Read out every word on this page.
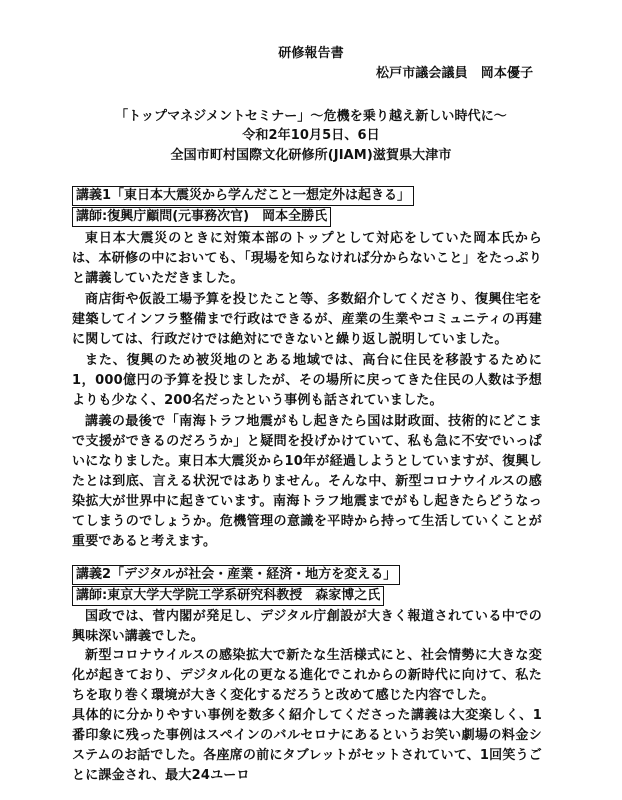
研修報告書
松戸市議会議員　岡本優子
「トップマネジメントセミナー」～危機を乗り越え新しい時代に～
令和2年10月5日、6日
全国市町村国際文化研修所(JIAM)滋賀県大津市
講義1「東日本大震災から学んだこと一想定外は起きる」
講師:復興庁顧問(元事務次官)　岡本全勝氏
東日本大震災のときに対策本部のトップとして対応をしていた岡本氏からは、本研修の中においても、「現場を知らなければ分からないこと」をたっぷりと講義していただきました。
商店街や仮設工場予算を投じたこと等、多数紹介してくださり、復興住宅を建築してインフラ整備まで行政はできるが、産業の生業やコミュニティの再建に関しては、行政だけでは絶対にできないと繰り返し説明していました。
また、復興のため被災地のとある地域では、高台に住民を移設するために1，000億円の予算を投じましたが、その場所に戻ってきた住民の人数は予想よりも少なく、200名だったという事例も話されていました。
講義の最後で「南海トラフ地震がもし起きたら国は財政面、技術的にどこまで支援ができるのだろうか」と疑問を投げかけていて、私も急に不安でいっぱいになりました。東日本大震災から10年が経過しようとしていますが、復興したとは到底、言える状況ではありません。そんな中、新型コロナウイルスの感染拡大が世界中に起きています。南海トラフ地震までがもし起きたらどうなってしまうのでしょうか。危機管理の意識を平時から持って生活していくことが重要であると考えます。
講義2「デジタルが社会・産業・経済・地方を変える」
講師:東京大学大学院工学系研究科教授　森家博之氏
国政では、菅内閣が発足し、デジタル庁創設が大きく報道されている中での興味深い講義でした。
新型コロナウイルスの感染拡大で新たな生活様式にと、社会情勢に大きな変化が起きており、デジタル化の更なる進化でこれからの新時代に向けて、私たちを取り巻く環境が大きく変化するだろうと改めて感じた内容でした。
具体的に分かりやすい事例を数多く紹介してくださった講義は大変楽しく、1番印象に残った事例はスペインのバルセロナにあるというお笑い劇場の料金システムのお話でした。各座席の前にタブレットがセットされていて、1回笑うごとに課金され、最大24ユーロ
